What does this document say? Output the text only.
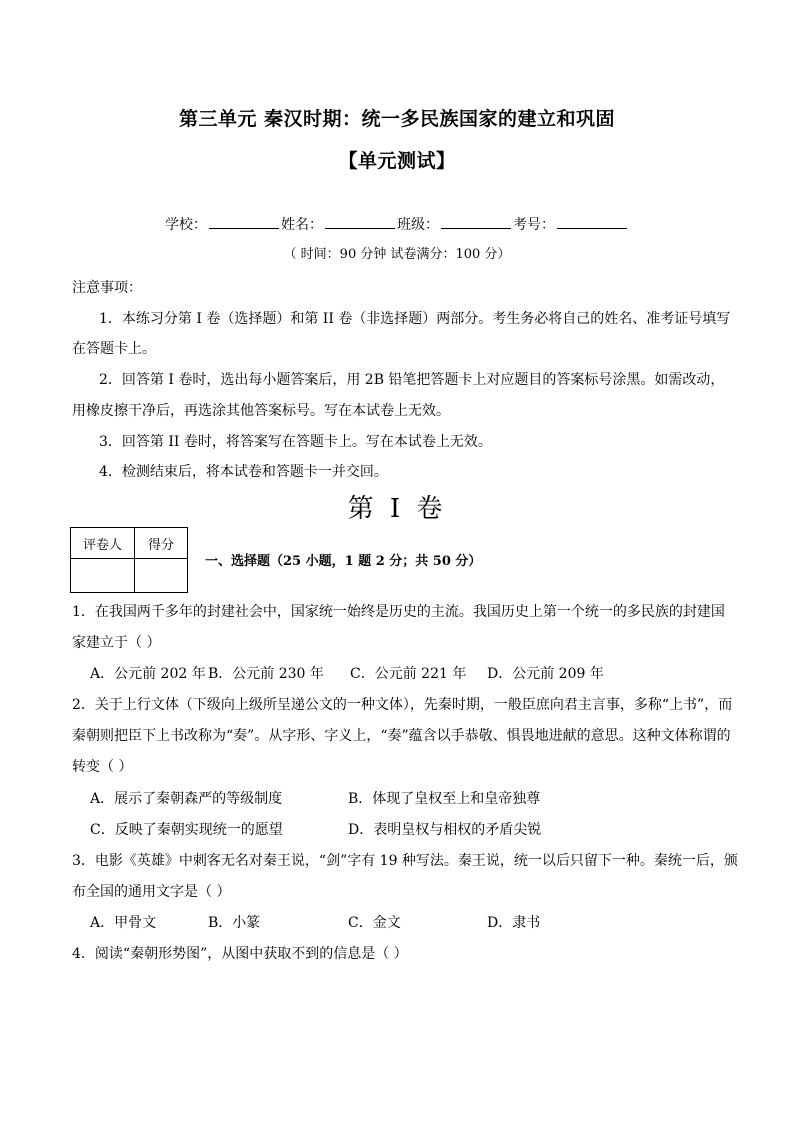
第三单元 秦汉时期：统一多民族国家的建立和巩固
【单元测试】
学校：	姓名：	班级：	考号：
（ 时间：90 分钟 试卷满分：100 分）
注意事项：
1．本练习分第 I 卷（选择题）和第 II 卷（非选择题）两部分。考生务必将自己的姓名、准考证号填写
在答题卡上。
2．回答第 I 卷时，选出每小题答案后，用 2B 铅笔把答题卡上对应题目的答案标号涂黑。如需改动，
用橡皮擦干净后，再选涂其他答案标号。写在本试卷上无效。
3．回答第 II 卷时，将答案写在答题卡上。写在本试卷上无效。
4．检测结束后，将本试卷和答题卡一并交回。
第 I 卷
评卷人	得分

一、选择题（25 小题，1 题 2 分；共 50 分）
1．在我国两千多年的封建社会中，国家统一始终是历史的主流。我国历史上第一个统一的多民族的封建国
家建立于（ ）
A．公元前 202 年 B．公元前 230 年 C．公元前 221 年 D．公元前 209 年
2．关于上行文体（下级向上级所呈递公文的一种文体），先秦时期，一般臣庶向君主言事，多称“上书”，而
秦朝则把臣下上书改称为“奏”。从字形、字义上，“奏”蕴含以手恭敬、惧畏地进献的意思。这种文体称谓的
转变（ ）
A．展示了秦朝森严的等级制度	B．体现了皇权至上和皇帝独尊
C．反映了秦朝实现统一的愿望	D．表明皇权与相权的矛盾尖锐
3．电影《英雄》中刺客无名对秦王说，“剑”字有 19 种写法。秦王说，统一以后只留下一种。秦统一后，颁
布全国的通用文字是（ ）
A．甲骨文	B．小篆	C．金文	D．隶书
4．阅读“秦朝形势图”，从图中获取不到的信息是（ ）
